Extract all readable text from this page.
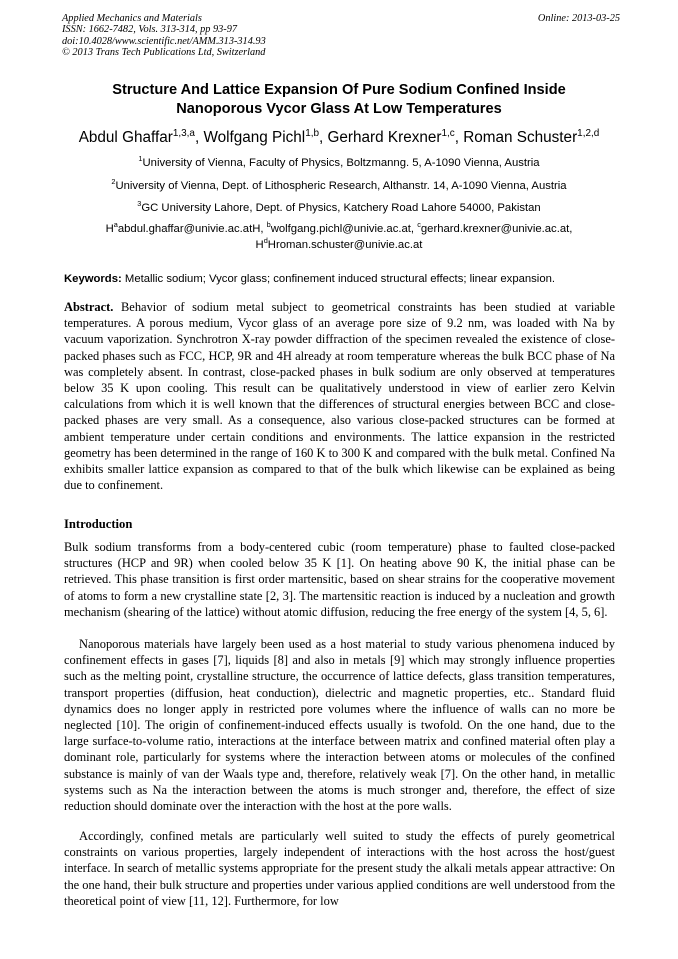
Applied Mechanics and Materials
ISSN: 1662-7482, Vols. 313-314, pp 93-97
doi:10.4028/www.scientific.net/AMM.313-314.93
© 2013 Trans Tech Publications Ltd, Switzerland
Online: 2013-03-25
Structure And Lattice Expansion Of Pure Sodium Confined Inside
Nanoporous Vycor Glass At Low Temperatures
Abdul Ghaffar$^{1,3,a}$, Wolfgang Pichl$^{1,b}$, Gerhard Krexner$^{1,c}$, Roman Schuster$^{1,2,d}$
$^1$University of Vienna, Faculty of Physics, Boltzmanng. 5, A-1090 Vienna, Austria
$^2$University of Vienna, Dept. of Lithospheric Research, Althanstr. 14, A-1090 Vienna, Austria
$^3$GC University Lahore, Dept. of Physics, Katchery Road Lahore 54000, Pakistan
$H^aabdul.ghaffar@univie.ac.atH$, $^b$wolfgang.pichl@univie.ac.at, $^c$gerhard.krexner@univie.ac.at,
$H^dHroman.schuster@univie.ac.at$
Keywords: Metallic sodium; Vycor glass; confinement induced structural effects; linear expansion.
Abstract. Behavior of sodium metal subject to geometrical constraints has been studied at variable temperatures. A porous medium, Vycor glass of an average pore size of 9.2 nm, was loaded with Na by vacuum vaporization. Synchrotron X-ray powder diffraction of the specimen revealed the existence of close-packed phases such as FCC, HCP, 9R and 4H already at room temperature whereas the bulk BCC phase of Na was completely absent. In contrast, close-packed phases in bulk sodium are only observed at temperatures below 35 K upon cooling. This result can be qualitatively understood in view of earlier zero Kelvin calculations from which it is well known that the differences of structural energies between BCC and close-packed phases are very small. As a consequence, also various close-packed structures can be formed at ambient temperature under certain conditions and environments. The lattice expansion in the restricted geometry has been determined in the range of 160 K to 300 K and compared with the bulk metal. Confined Na exhibits smaller lattice expansion as compared to that of the bulk which likewise can be explained as being due to confinement.
Introduction
Bulk sodium transforms from a body-centered cubic (room temperature) phase to faulted close-packed structures (HCP and 9R) when cooled below 35 K [1]. On heating above 90 K, the initial phase can be retrieved. This phase transition is first order martensitic, based on shear strains for the cooperative movement of atoms to form a new crystalline state [2, 3]. The martensitic reaction is induced by a nucleation and growth mechanism (shearing of the lattice) without atomic diffusion, reducing the free energy of the system [4, 5, 6].
Nanoporous materials have largely been used as a host material to study various phenomena induced by confinement effects in gases [7], liquids [8] and also in metals [9] which may strongly influence properties such as the melting point, crystalline structure, the occurrence of lattice defects, glass transition temperatures, transport properties (diffusion, heat conduction), dielectric and magnetic properties, etc.. Standard fluid dynamics does no longer apply in restricted pore volumes where the influence of walls can no more be neglected [10]. The origin of confinement-induced effects usually is twofold. On the one hand, due to the large surface-to-volume ratio, interactions at the interface between matrix and confined material often play a dominant role, particularly for systems where the interaction between atoms or molecules of the confined substance is mainly of van der Waals type and, therefore, relatively weak [7]. On the other hand, in metallic systems such as Na the interaction between the atoms is much stronger and, therefore, the effect of size reduction should dominate over the interaction with the host at the pore walls.
Accordingly, confined metals are particularly well suited to study the effects of purely geometrical constraints on various properties, largely independent of interactions with the host across the host/guest interface. In search of metallic systems appropriate for the present study the alkali metals appear attractive: On the one hand, their bulk structure and properties under various applied conditions are well understood from the theoretical point of view [11, 12]. Furthermore, for low
